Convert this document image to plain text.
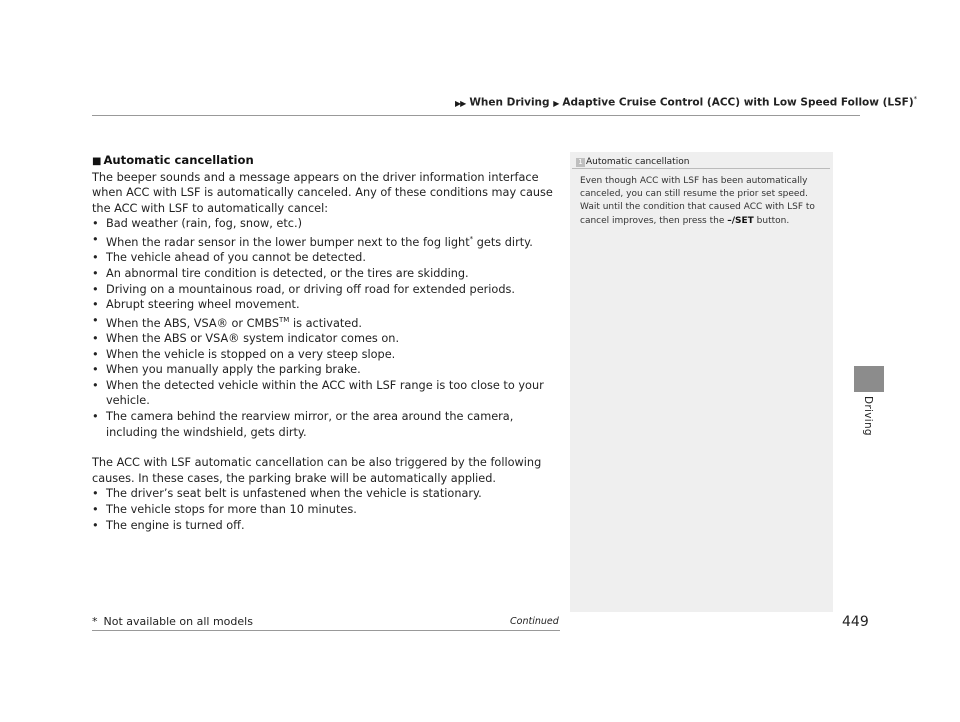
▶▶ When Driving ▶ Adaptive Cruise Control (ACC) with Low Speed Follow (LSF)*
Driving
■ Automatic cancellation

The beeper sounds and a message appears on the driver information interface when ACC with LSF is automatically canceled. Any of these conditions may cause the ACC with LSF to automatically cancel:

• Bad weather (rain, fog, snow, etc.)
• When the radar sensor in the lower bumper next to the fog light* gets dirty.
• The vehicle ahead of you cannot be detected.
• An abnormal tire condition is detected, or the tires are skidding.
• Driving on a mountainous road, or driving off road for extended periods.
• Abrupt steering wheel movement.
• When the ABS, VSA® or CMBS™ is activated.
• When the ABS or VSA® system indicator comes on.
• When the vehicle is stopped on a very steep slope.
• When you manually apply the parking brake.
• When the detected vehicle within the ACC with LSF range is too close to your vehicle.
• The camera behind the rearview mirror, or the area around the camera, including the windshield, gets dirty.

The ACC with LSF automatic cancellation can be also triggered by the following causes. In these cases, the parking brake will be automatically applied.

• The driver’s seat belt is unfastened when the vehicle is stationary.
• The vehicle stops for more than 10 minutes.
• The engine is turned off.
1 Automatic cancellation
Even though ACC with LSF has been automatically canceled, you can still resume the prior set speed. Wait until the condition that caused ACC with LSF to cancel improves, then press the –/SET button.
* Not available on all models	Continued	449
